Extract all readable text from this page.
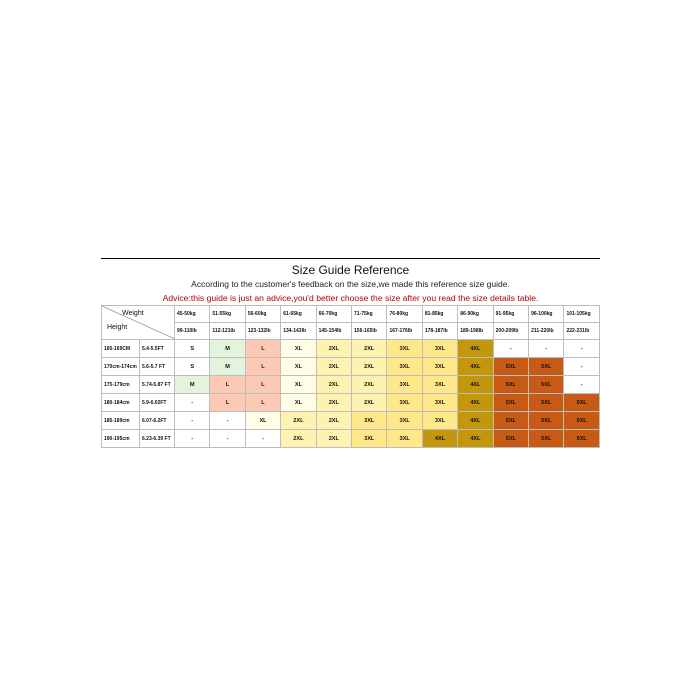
Size Guide Reference
According to the customer's feedback on the size,we made this reference size guide.
Advice:this guide is just an advice,you'd better choose the size after you read the size details table.
Weight
Height		45-50kg	51-55kg	56-60kg	61-65kg	66-70kg	71-75kg	76-80kg	81-85kg	86-90kg	91-95kg	96-100kg	101-105kg
		99-110lb	112-121lb	123-132lb	134-143lb	145-154lb	156-165lb	167-176lb	178-187lb	189-198lb	200-209lb	211-220lb	222-231lb
165-169CM	5.4-5.5FT	S	M	L	XL	2XL	2XL	3XL	3XL	4XL	-	-	-
170cm-174cm	5.6-5.7 FT	S	M	L	XL	2XL	2XL	3XL	3XL	4XL	5XL	5XL	-
175-179cm	5.74-5.87 FT	M	L	L	XL	2XL	2XL	3XL	3XL	4XL	5XL	5XL	-
180-184cm	5.9-6.02FT	-	L	L	XL	2XL	2XL	3XL	3XL	4XL	5XL	5XL	5XL
185-189cm	6.07-6.2FT	-	-	XL	2XL	2XL	3XL	3XL	3XL	4XL	5XL	5XL	5XL
190-195cm	6.23-6.39 FT	-	-	-	2XL	2XL	3XL	3XL	4XL	4XL	5XL	5XL	5XL
